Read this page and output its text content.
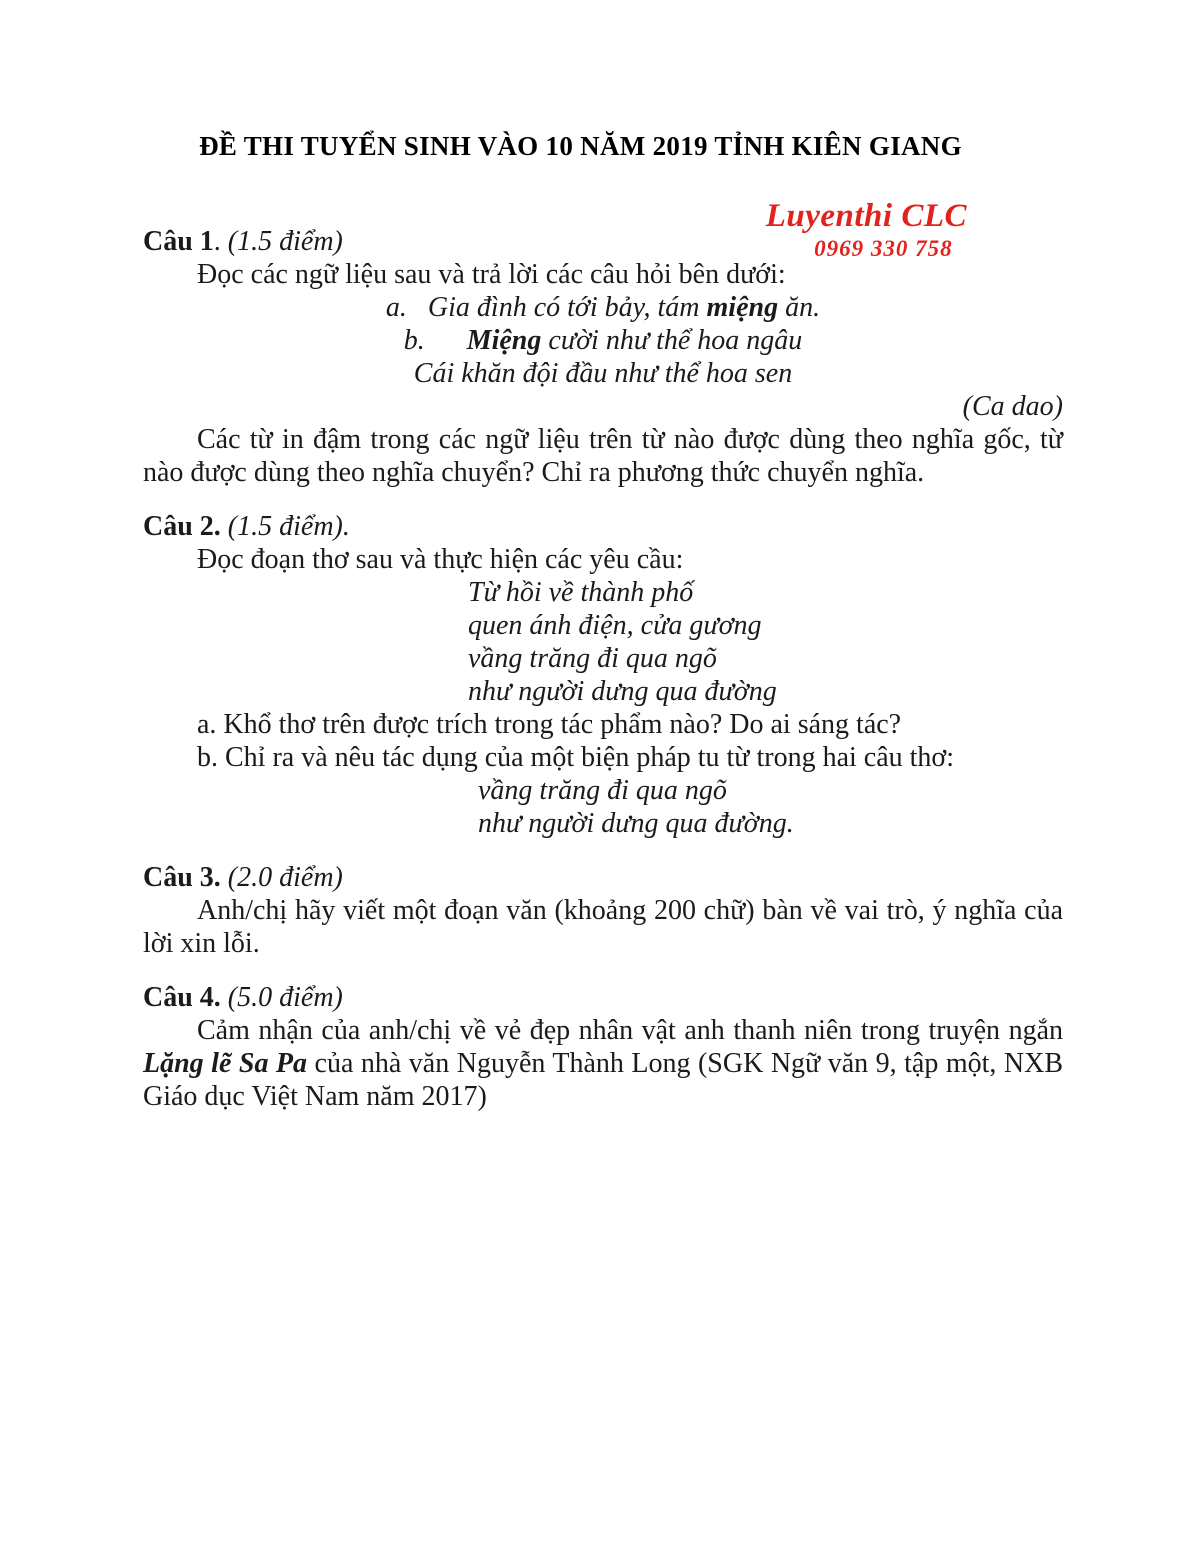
ĐỀ THI TUYỂN SINH VÀO 10 NĂM 2019 TỈNH KIÊN GIANG
Luyenthi CLC
0969 330 758

Câu 1. (1.5 điểm)

Đọc các ngữ liệu sau và trả lời các câu hỏi bên dưới:

a.   Gia đình có tới bảy, tám miệng ăn.

b.      Miệng cười như thể hoa ngâu

Cái khăn đội đầu như thể hoa sen

(Ca dao)

Các từ in đậm trong các ngữ liệu trên từ nào được dùng theo nghĩa gốc, từ nào được dùng theo nghĩa chuyển? Chỉ ra phương thức chuyển nghĩa.

Câu 2. (1.5 điểm).

Đọc đoạn thơ sau và thực hiện các yêu cầu:

Từ hồi về thành phố
quen ánh điện, cửa gương
vầng trăng đi qua ngõ
như người dưng qua đường

a. Khổ thơ trên được trích trong tác phẩm nào? Do ai sáng tác?

b. Chỉ ra và nêu tác dụng của một biện pháp tu từ trong hai câu thơ:

vầng trăng đi qua ngõ
như người dưng qua đường.

Câu 3. (2.0 điểm)

Anh/chị hãy viết một đoạn văn (khoảng 200 chữ) bàn về vai trò, ý nghĩa của lời xin lỗi.

Câu 4. (5.0 điểm)

Cảm nhận của anh/chị về vẻ đẹp nhân vật anh thanh niên trong truyện ngắn Lặng lẽ Sa Pa của nhà văn Nguyễn Thành Long (SGK Ngữ văn 9, tập một, NXB Giáo dục Việt Nam năm 2017)
